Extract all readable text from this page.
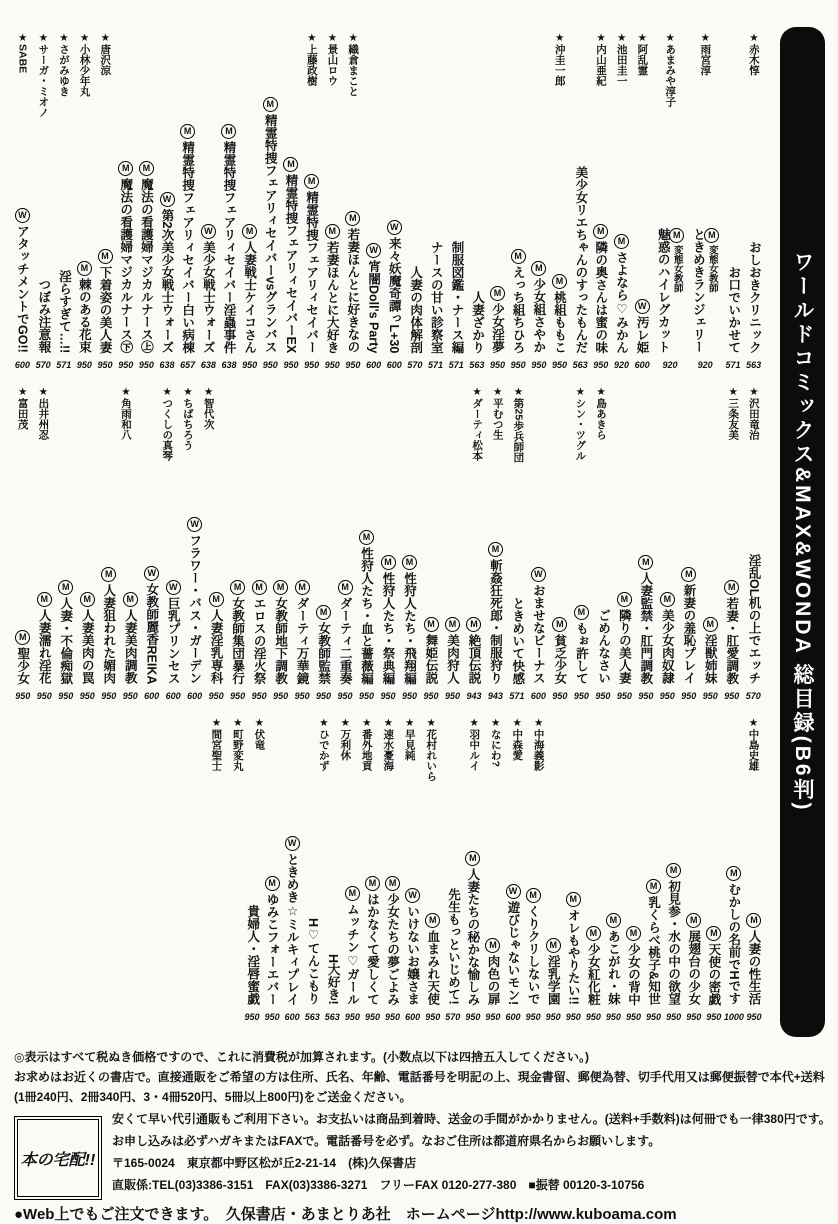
ワールドコミックス&MAX&WONDA 総目録(B6判)
★赤木惇
おしおきクリニック
563
★沢田竜治
お口でいかせて
571
★三条友美
★雨宮淳
M変態女教師
ときめきランジェリー
920
★あまみや淳子
M変態女教師
魅惑のハイレグカット
920
★阿乱霊
W汚レ姫
600
★池田圭一
Mさよなら♡みかん
920
★内山亜紀
M隣の奥さんは蜜の味
950
★島あきら
美少女リエちゃんのすったもんだ
563
★シン・ツグル
★沖圭一郎
M桃組ももこ
950
M少女組さやか
950
Mえっち組ちひろ
950
★第25歩兵師団
M少女淫夢
950
★平むつ生
人妻ざかり
563
★ダーティ松本
制服図鑑・ナース編
571
ナースの甘い診察室
571
人妻の肉体解剖
570
W来々妖魔奇譚っL+30
600
W宵闇Doll's Party
600
★織倉まこと
M若妻ほんとに好きなの
950
★景山ロウ
M若妻ほんとに大好き
950
★上藤政樹
M精霊特捜フェアリィセイバー
950
M精霊特捜フェアリィセイバーEX
950
M精霊特捜フェアリィセイバーvsグランバス
950
M人妻戦士ケイコさん
950
M精霊特捜フェアリィセイバー淫蟲事件
638
W美少女戦士ウォーズ
638
★智代次
M精霊特捜フェアリィセイバー白い病棟
657
★ちばちろう
W第2次美少女戦士ウォーズ
638
★つくしの真琴
M魔法の看護婦マジカルナース㊤
950
M魔法の看護婦マジカルナース㊦
950
★角雨和八
★唐沢涼
M下着姿の美人妻
950
★小林少年丸
M棘のある花束
950
★さがみゆき
淫らすぎて…!!
571
★サーガ・ミオノ
つぼみ注意報
570
★出井州忍
★SABE
WアタッチメントでGO!!
600
★富田茂
淫乱OL机の上でエッチ
570
★中島史雄
M若妻・肛愛調教
950
M淫獣姉妹
950
M新妻の羞恥プレイ
950
M美少女肉奴隷
950
M人妻監禁・肛門調教
950
M隣りの美人妻
950
ごめんなさい
950
Mもぉ許して
950
M貧乏少女
950
Wおませなビーナス
600
★中海義影
ときめいて快感
571
★中森愛
M斬姦狂死郎・制服狩り
943
★なにわ?
M絶頂伝説
943
★羽中ルイ
M美肉狩人
950
M舞姫伝説
950
★花村れいら
M性狩人たち・飛翔編
950
★早見純
M性狩人たち・祭典編
950
★速水憂海
M性狩人たち・血と薔薇編
950
★番外地貢
Mダーティ二重奏
950
★万利休
M女教師監禁
950
★ひでかず
Mダーティ万華鏡
950
M女教師地下調教
950
Mエロスの淫火祭
950
★伏竜
M女教師集団暴行
950
★町野変丸
M人妻淫乳専科
950
★間宮聖士
Wフラワー・バス・ガーデン
600
W巨乳プリンセス
600
W女教師麗香REIKA
600
M人妻美肉調教
950
M人妻狙われた媚肉
950
M人妻美肉の罠
950
M人妻・不倫痴獄
950
M人妻濡れ淫花
950
M聖少女
950
M人妻の性生活
950
Mむかしの名前でHです
1000
M天使の密戯
950
M展翅台の少女
950
M初見参・水の中の欲望
950
M乳くらべ桃子&知世
950
M少女の背中
950
Mあこがれ・妹
950
M少女紅化粧
950
Mオレもやりたい!!
950
M淫乳学園
950
Mくりクリしないで
950
W遊びじゃないモン!
600
M肉色の扉
950
M人妻たちの秘かな愉しみ
950
先生もっといじめて!
570
M血まみれ天使
950
Wいけないお嬢さま
600
M少女たちの夢ごよみ
950
Mはかなくて愛しくて
950
Mムッチン♡ガール
950
H大好き!
563
H♡てんこもり
563
Wときめき☆ミルキィプレイ
600
Mゆみこフォーエバー
950
貴婦人・淫唇蜜戯
950
◎表示はすべて税ぬき価格ですので、これに消費税が加算されます。(小数点以下は四捨五入してください。)
お求めはお近くの書店で。直接通販をご希望の方は住所、氏名、年齢、電話番号を明記の上、現金書留、郵便為替、切手代用又は郵便振替で本代+送料
(1冊240円、2冊340円、3・4冊520円、5冊以上800円)をご送金ください。
本の宅配!!
安くて早い代引通販もご利用下さい。お支払いは商品到着時、送金の手間がかかりません。(送料+手数料)は何冊でも一律380円です。
お申し込みは必ずハガキまたはFAXで。電話番号を必ず。なおご住所は都道府県名からお願いします。
〒165-0024　東京都中野区松が丘2-21-14　(株)久保書店
直販係:TEL(03)3386-3151　FAX(03)3386-3271　フリーFAX 0120-277-380　■振替 00120-3-10756
●Web上でもご注文できます。　久保書店・あまとりあ社　ホームページhttp://www.kuboama.com
